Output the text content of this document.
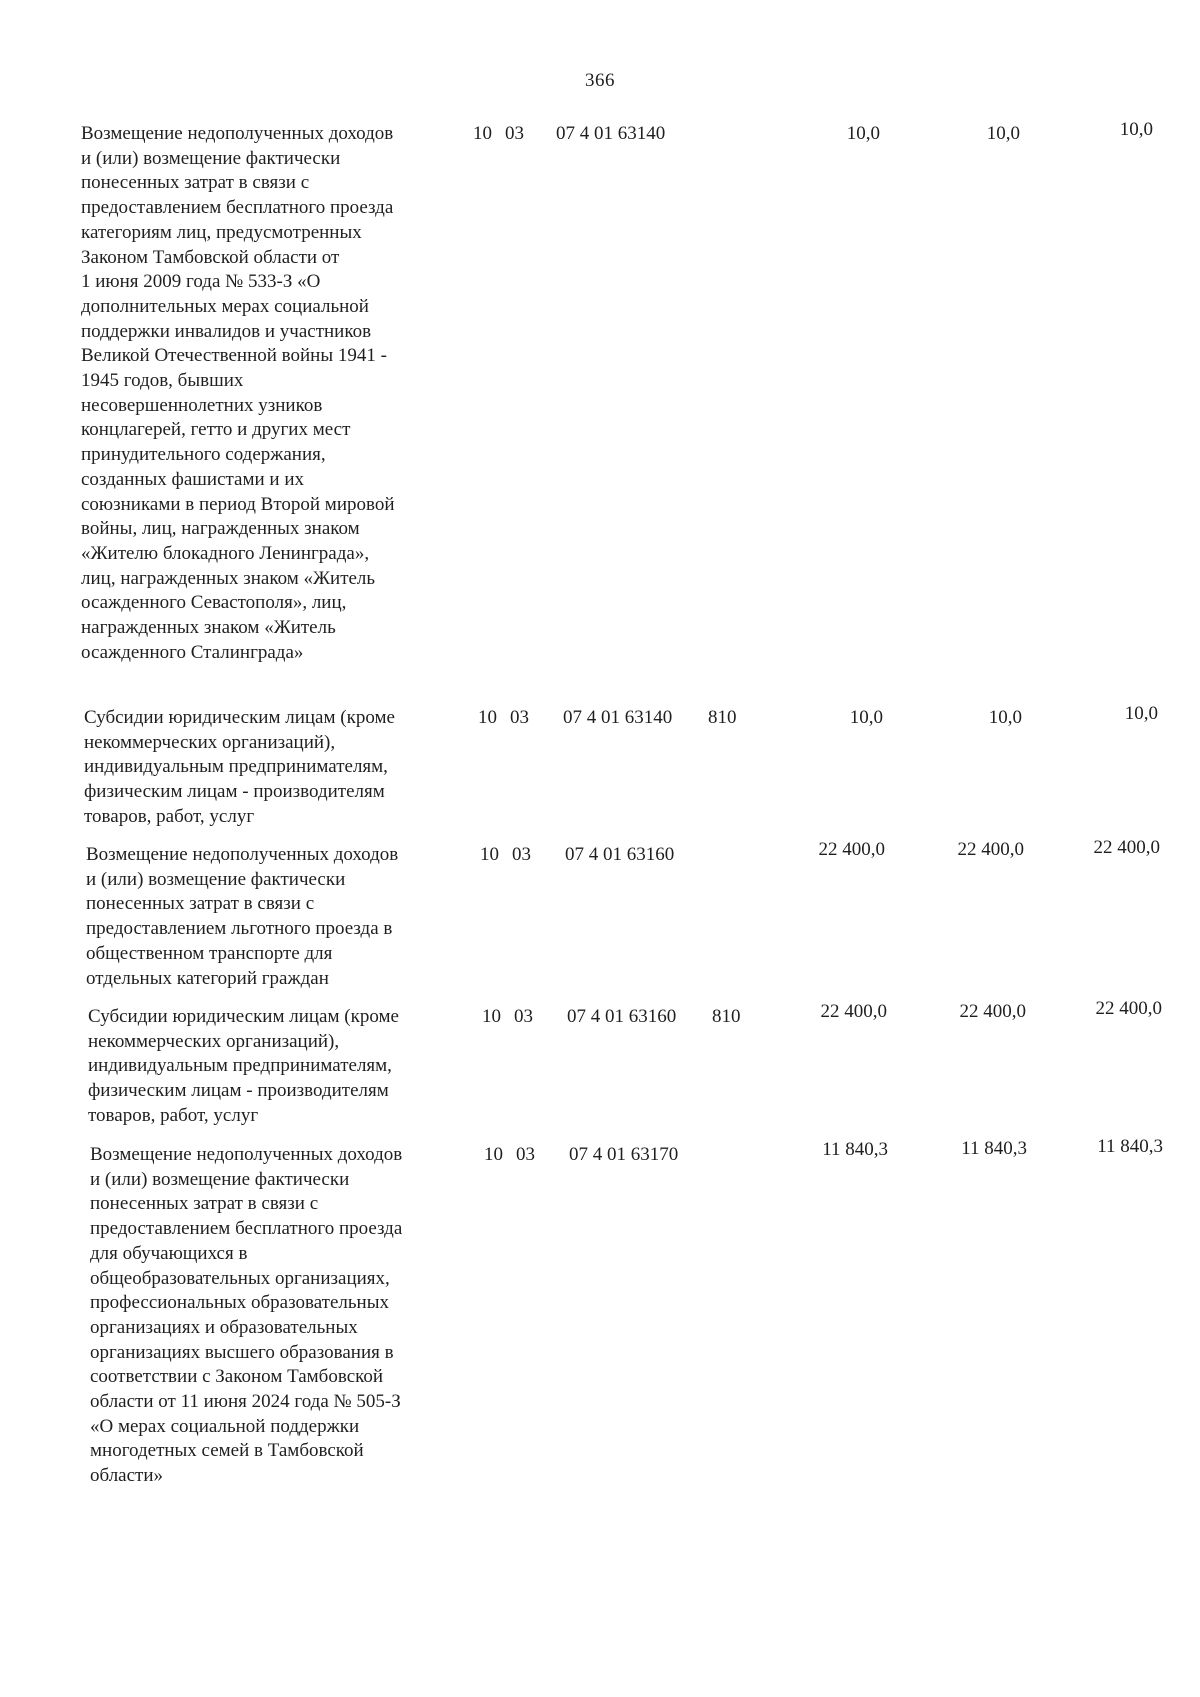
366
Возмещение недополученных доходов
и (или) возмещение фактически
понесенных затрат в связи с
предоставлением бесплатного проезда
категориям лиц, предусмотренных
Законом Тамбовской области от
1 июня 2009 года № 533-З «О
дополнительных мерах социальной
поддержки инвалидов и участников
Великой Отечественной войны 1941 -
1945 годов, бывших
несовершеннолетних узников
концлагерей, гетто и других мест
принудительного содержания,
созданных фашистами и их
союзниками в период Второй мировой
войны, лиц, награжденных знаком
«Жителю блокадного Ленинграда»,
лиц, награжденных знаком «Житель
осажденного Севастополя», лиц,
награжденных знаком «Житель
осажденного Сталинграда»
10 03 07 4 01 63140	10,0	10,0	10,0
Субсидии юридическим лицам (кроме
некоммерческих организаций),
индивидуальным предпринимателям,
физическим лицам - производителям
товаров, работ, услуг
10 03 07 4 01 63140 810	10,0	10,0	10,0
Возмещение недополученных доходов
и (или) возмещение фактически
понесенных затрат в связи с
предоставлением льготного проезда в
общественном транспорте для
отдельных категорий граждан
10 03 07 4 01 63160	22 400,0	22 400,0	22 400,0
Субсидии юридическим лицам (кроме
некоммерческих организаций),
индивидуальным предпринимателям,
физическим лицам - производителям
товаров, работ, услуг
10 03 07 4 01 63160 810	22 400,0	22 400,0	22 400,0
Возмещение недополученных доходов
и (или) возмещение фактически
понесенных затрат в связи с
предоставлением бесплатного проезда
для обучающихся в
общеобразовательных организациях,
профессиональных образовательных
организациях и образовательных
организациях высшего образования в
соответствии с Законом Тамбовской
области от 11 июня 2024 года № 505-З
«О мерах социальной поддержки
многодетных семей в Тамбовской
области»
10 03 07 4 01 63170	11 840,3	11 840,3	11 840,3
